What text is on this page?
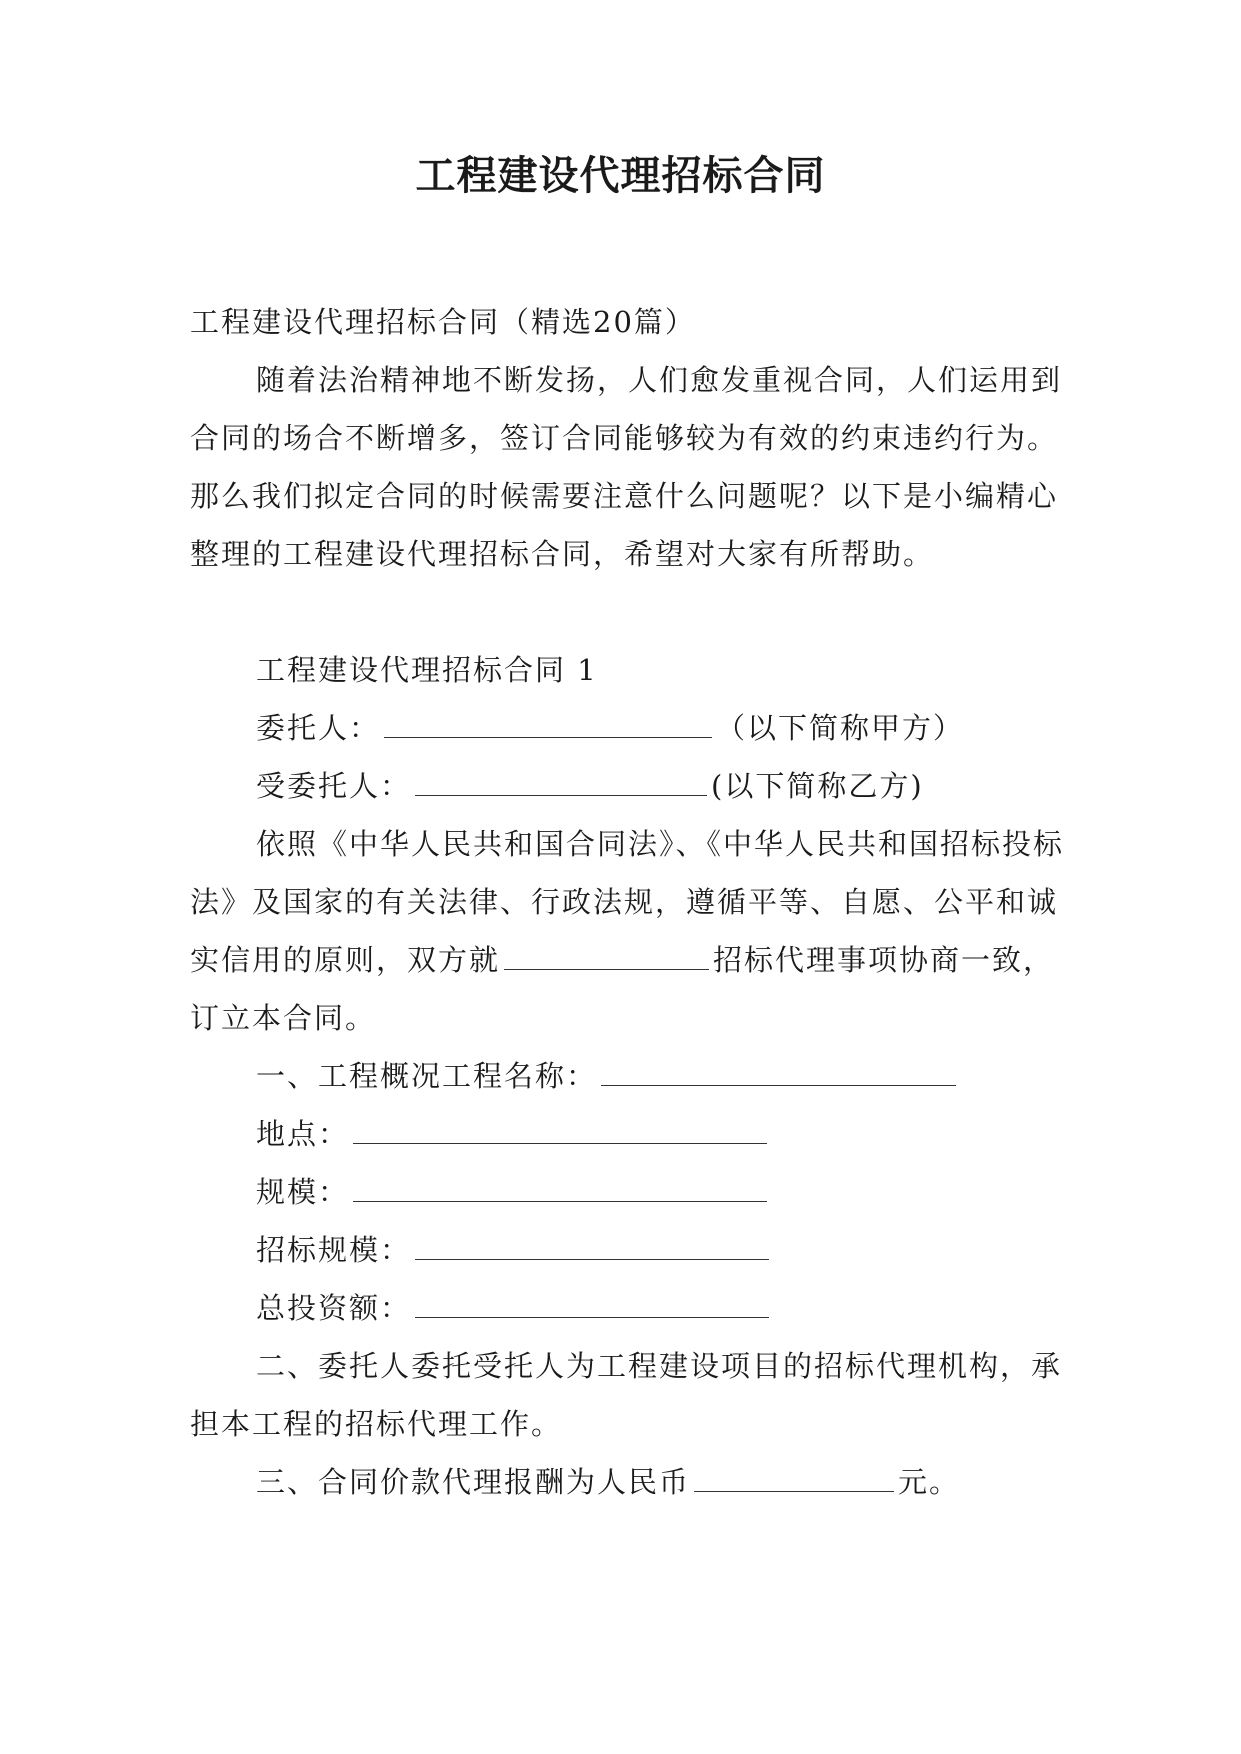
工程建设代理招标合同

工程建设代理招标合同（精选20篇）

随着法治精神地不断发扬，人们愈发重视合同，人们运用到合同的场合不断增多，签订合同能够较为有效的约束违约行为。那么我们拟定合同的时候需要注意什么问题呢？以下是小编精心整理的工程建设代理招标合同，希望对大家有所帮助。

工程建设代理招标合同 1

委托人：	（以下简称甲方）

受委托人：	(以下简称乙方)

依照《中华人民共和国合同法》、《中华人民共和国招标投标法》及国家的有关法律、行政法规，遵循平等、自愿、公平和诚实信用的原则，双方就	招标代理事项协商一致，订立本合同。

一、工程概况工程名称：

地点：

规模：

招标规模：

总投资额：

二、委托人委托受托人为工程建设项目的招标代理机构，承担本工程的招标代理工作。

三、合同价款代理报酬为人民币	元。
